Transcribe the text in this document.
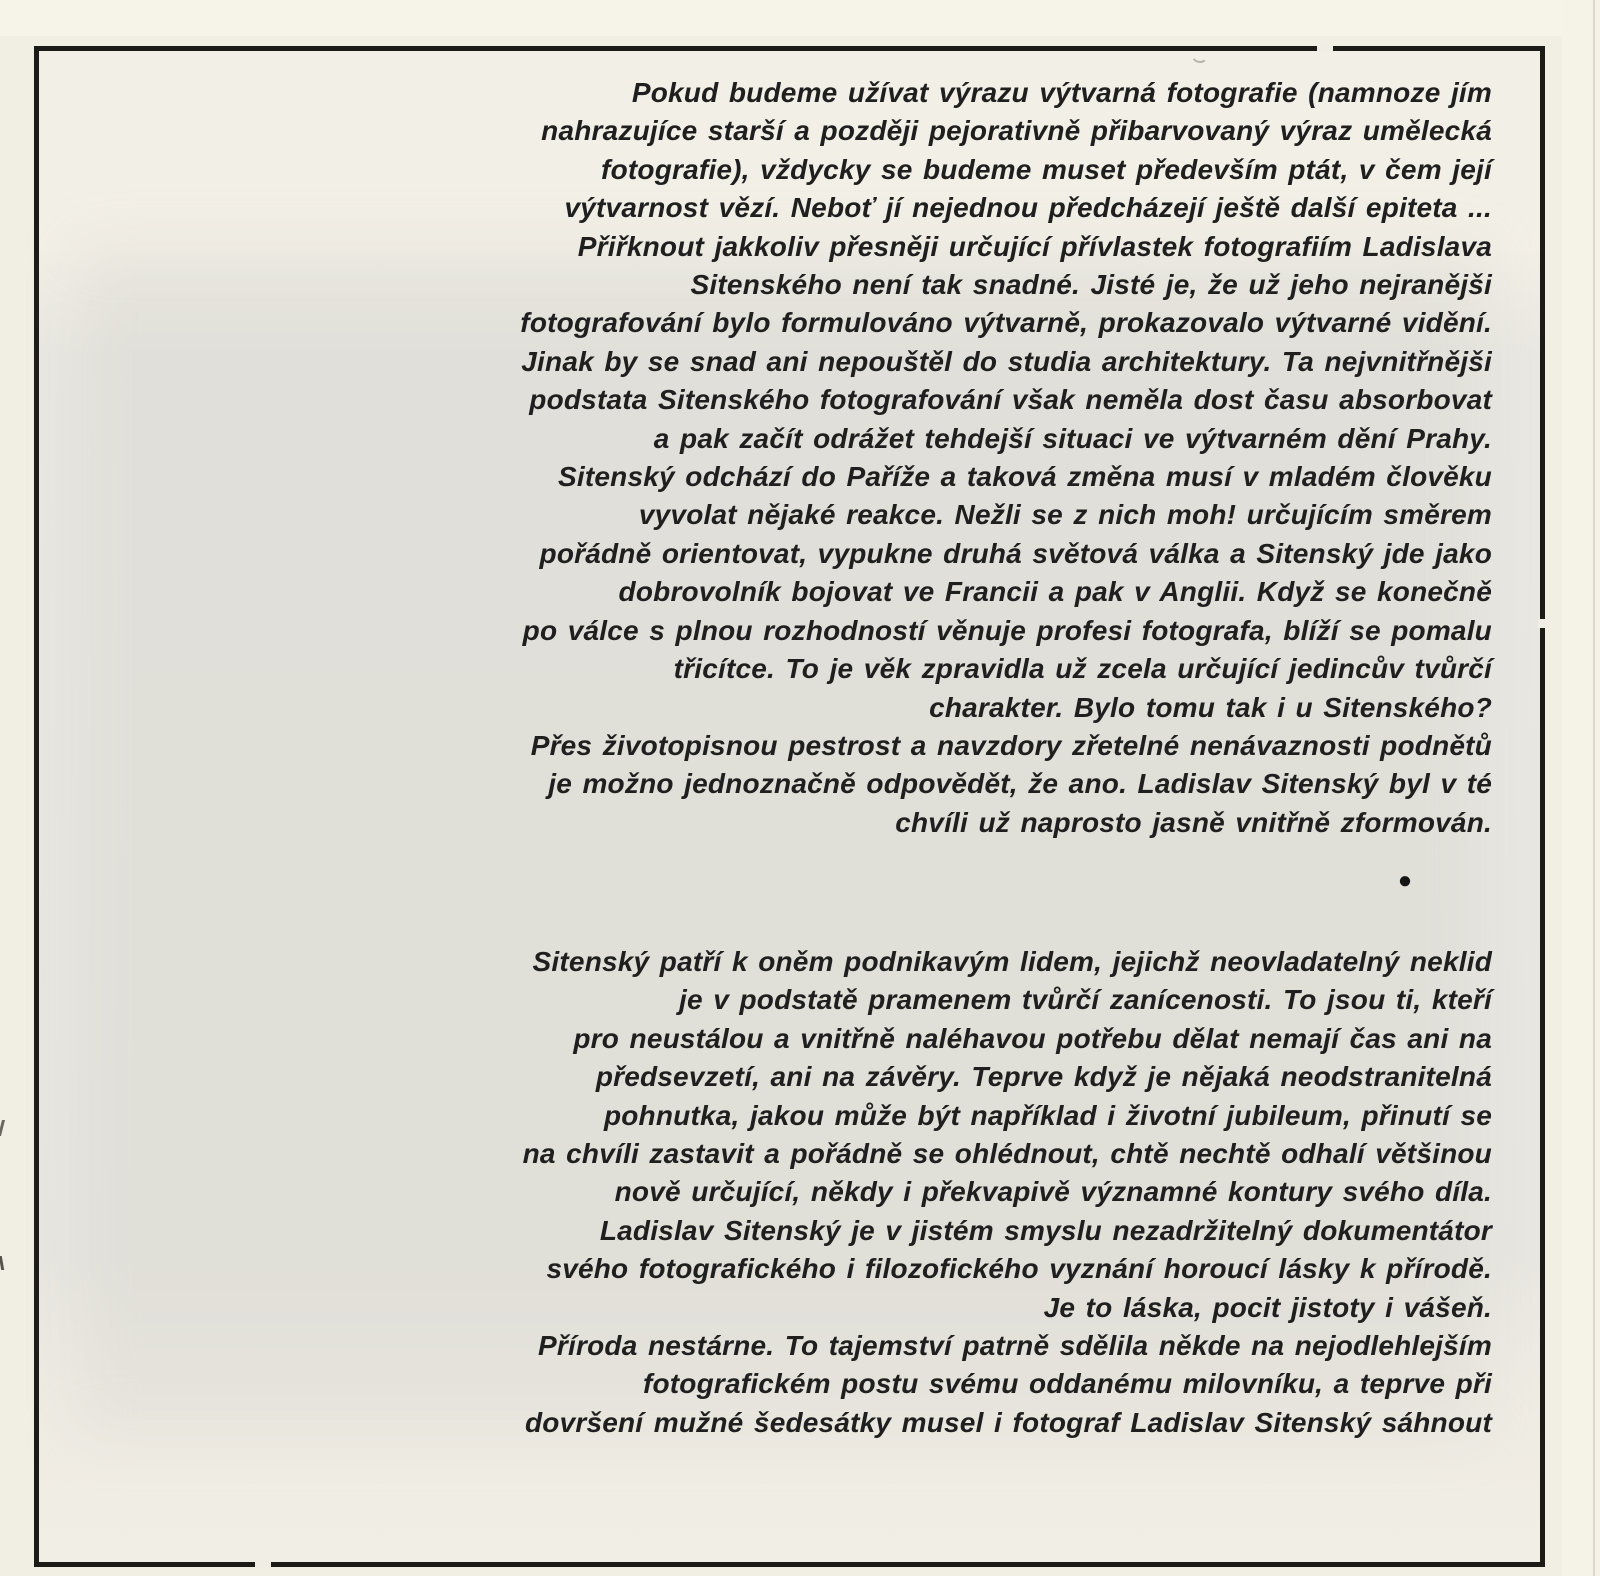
Pokud budeme užívat výrazu výtvarná fotografie (namnoze jím
nahrazujíce starší a později pejorativně přibarvovaný výraz umělecká
fotografie), vždycky se budeme muset především ptát, v čem její
výtvarnost vězí. Neboť jí nejednou předcházejí ještě další epiteta ...
Přiřknout jakkoliv přesněji určující přívlastek fotografiím Ladislava
Sitenského není tak snadné. Jisté je, že už jeho nejranějši
fotografování bylo formulováno výtvarně, prokazovalo výtvarné vidění.
Jinak by se snad ani nepouštěl do studia architektury. Ta nejvnitřnějši
podstata Sitenského fotografování však neměla dost času absorbovat
a pak začít odrážet tehdejší situaci ve výtvarném dění Prahy.
Sitenský odchází do Paříže a taková změna musí v mladém člověku
vyvolat nějaké reakce. Nežli se z nich moh! určujícím směrem
pořádně orientovat, vypukne druhá světová válka a Sitenský jde jako
dobrovolník bojovat ve Francii a pak v Anglii. Když se konečně
po válce s plnou rozhodností věnuje profesi fotografa, blíží se pomalu
třicítce. To je věk zpravidla už zcela určující jedincův tvůrčí
charakter. Bylo tomu tak i u Sitenského?
Přes životopisnou pestrost a navzdory zřetelné nenávaznosti podnětů
je možno jednoznačně odpovědět, že ano. Ladislav Sitenský byl v té
chvíli už naprosto jasně vnitřně zformován.
●
Sitenský patří k oněm podnikavým lidem, jejichž neovladatelný neklid
je v podstatě pramenem tvůrčí zanícenosti. To jsou ti, kteří
pro neustálou a vnitřně naléhavou potřebu dělat nemají čas ani na
předsevzetí, ani na závěry. Teprve když je nějaká neodstranitelná
pohnutka, jakou může být například i životní jubileum, přinutí se
na chvíli zastavit a pořádně se ohlédnout, chtě nechtě odhalí většinou
nově určující, někdy i překvapivě významné kontury svého díla.
Ladislav Sitenský je v jistém smyslu nezadržitelný dokumentátor
svého fotografického i filozofického vyznání horoucí lásky k přírodě.
Je to láska, pocit jistoty i vášeň.
Příroda nestárne. To tajemství patrně sdělila někde na nejodlehlejším
fotografickém postu svému oddanému milovníku, a teprve při
dovršení mužné šedesátky musel i fotograf Ladislav Sitenský sáhnout
